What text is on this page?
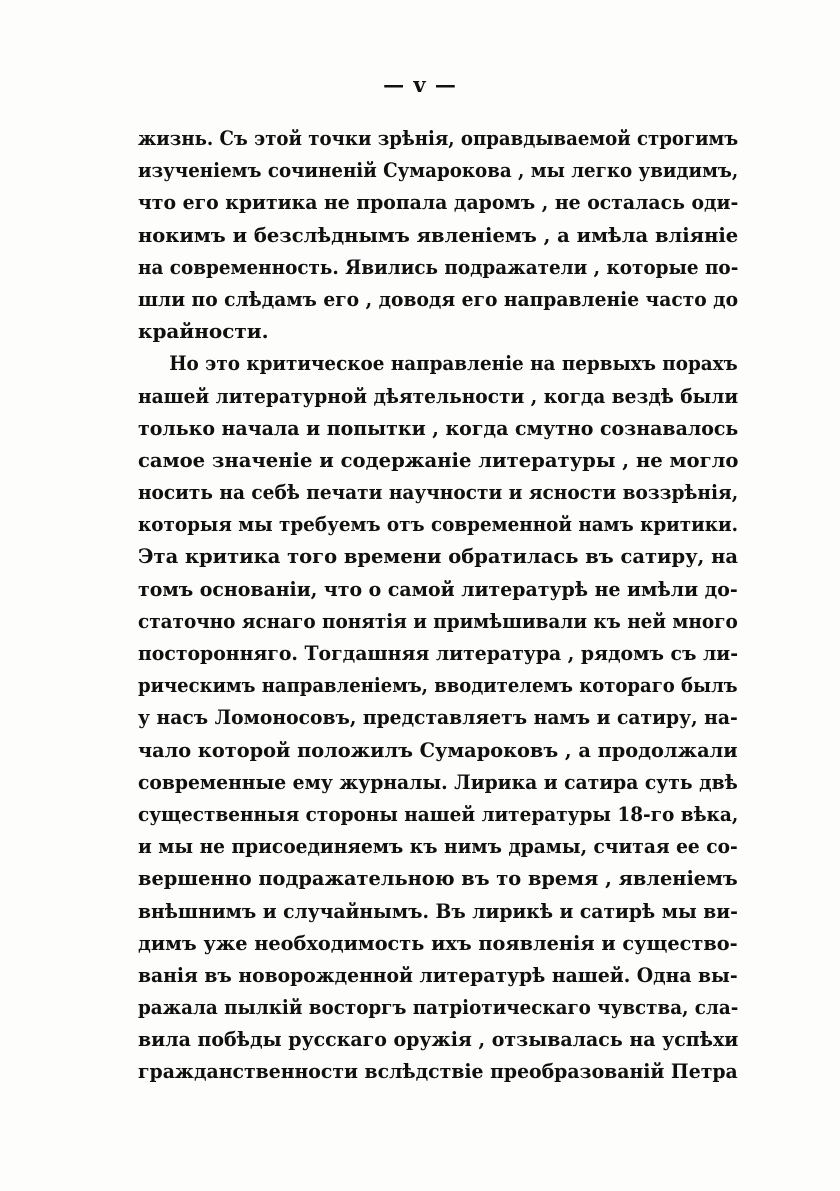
— v —
жизнь. Съ этой точки зрѣнія, оправдываемой строгимъ
изученіемъ сочиненій Сумарокова , мы легко увидимъ,
что его критика не пропала даромъ , не осталась оди-
нокимъ и безслѣднымъ явленіемъ , а имѣла вліяніе
на современность. Явились подражатели , которые по-
шли по слѣдамъ его , доводя его направленіе часто до
крайности.
Но это критическое направленіе на первыхъ порахъ
нашей литературной дѣятельности , когда вездѣ были
только начала и попытки , когда смутно сознавалось
самое значеніе и содержаніе литературы , не могло
носить на себѣ печати научности и ясности воззрѣнія,
которыя мы требуемъ отъ современной намъ критики.
Эта критика того времени обратилась въ сатиру, на
томъ основаніи, что о самой литературѣ не имѣли до-
статочно яснаго понятія и примѣшивали къ ней много
посторонняго. Тогдашняя литература , рядомъ съ ли-
рическимъ направленіемъ, вводителемъ котораго былъ
у насъ Ломоносовъ, представляетъ намъ и сатиру, на-
чало которой положилъ Сумароковъ , а продолжали
современные ему журналы. Лирика и сатира суть двѣ
существенныя стороны нашей литературы 18-го вѣка,
и мы не присоединяемъ къ нимъ драмы, считая ее со-
вершенно подражательною въ то время , явленіемъ
внѣшнимъ и случайнымъ. Въ лирикѣ и сатирѣ мы ви-
димъ уже необходимость ихъ появленія и существо-
ванія въ новорожденной литературѣ нашей. Одна вы-
ражала пылкій восторгъ патріотическаго чувства, сла-
вила побѣды русскаго оружія , отзывалась на успѣхи
гражданственности вслѣдствіе преобразованій Петра
